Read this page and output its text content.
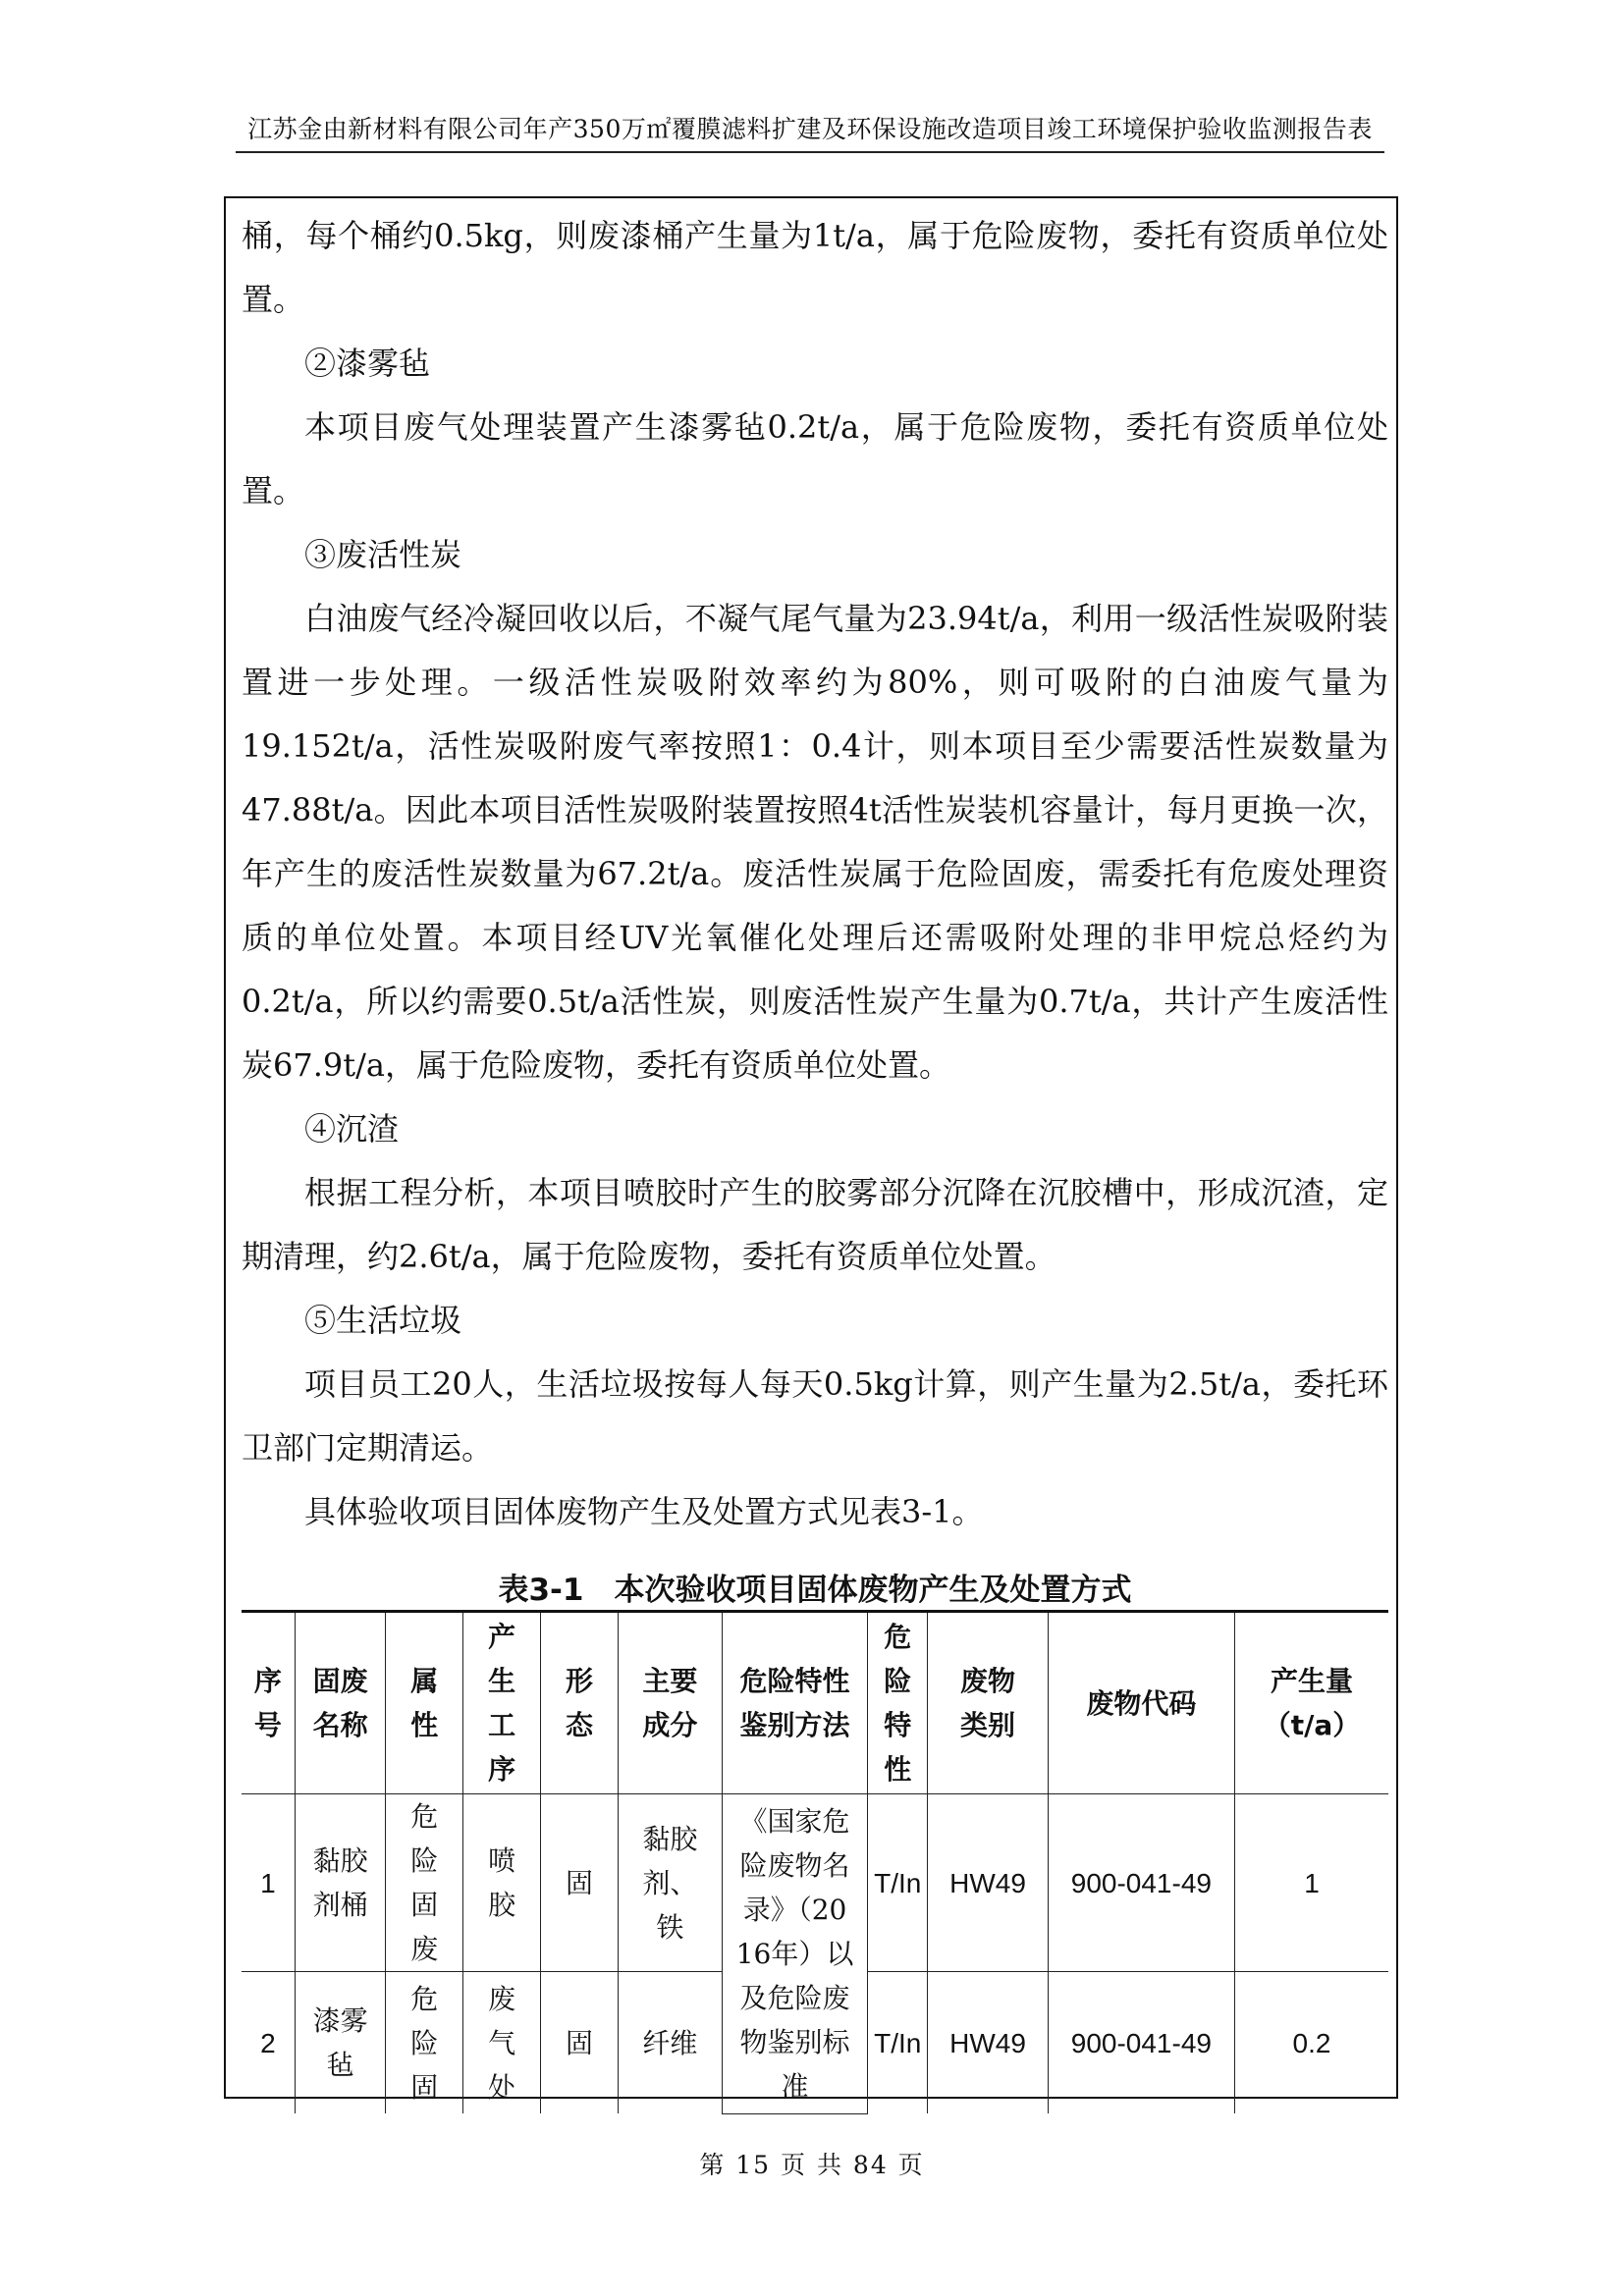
江苏金由新材料有限公司年产350万㎡覆膜滤料扩建及环保设施改造项目竣工环境保护验收监测报告表

桶，每个桶约0.5kg，则废漆桶产生量为1t/a，属于危险废物，委托有资质单位处置。

②漆雾毡

本项目废气处理装置产生漆雾毡0.2t/a，属于危险废物，委托有资质单位处置。

③废活性炭

白油废气经冷凝回收以后，不凝气尾气量为23.94t/a，利用一级活性炭吸附装置进一步处理。一级活性炭吸附效率约为80%，则可吸附的白油废气量为19.152t/a，活性炭吸附废气率按照1：0.4计，则本项目至少需要活性炭数量为47.88t/a。因此本项目活性炭吸附装置按照4t活性炭装机容量计，每月更换一次，年产生的废活性炭数量为67.2t/a。废活性炭属于危险固废，需委托有危废处理资质的单位处置。本项目经UV光氧催化处理后还需吸附处理的非甲烷总烃约为0.2t/a，所以约需要0.5t/a活性炭，则废活性炭产生量为0.7t/a，共计产生废活性炭67.9t/a，属于危险废物，委托有资质单位处置。

④沉渣

根据工程分析，本项目喷胶时产生的胶雾部分沉降在沉胶槽中，形成沉渣，定期清理，约2.6t/a，属于危险废物，委托有资质单位处置。

⑤生活垃圾

项目员工20人，生活垃圾按每人每天0.5kg计算，则产生量为2.5t/a，委托环卫部门定期清运。

具体验收项目固体废物产生及处置方式见表3-1。

表3-1　本次验收项目固体废物产生及处置方式
序号	固废名称	属性	产生工序	形态	主要成分	危险特性鉴别方法	危险特性	废物类别	废物代码	产生量（t/a）
1	黏胶剂桶	危险固废	喷胶	固	黏胶剂、铁	《国家危险废物名录》（2016年）以及危险废物鉴别标准	T/In	HW49	900-041-49	1
2	漆雾毡	危险固	废气处	固	纤维		T/In	HW49	900-041-49	0.2
第 15 页 共 84 页
